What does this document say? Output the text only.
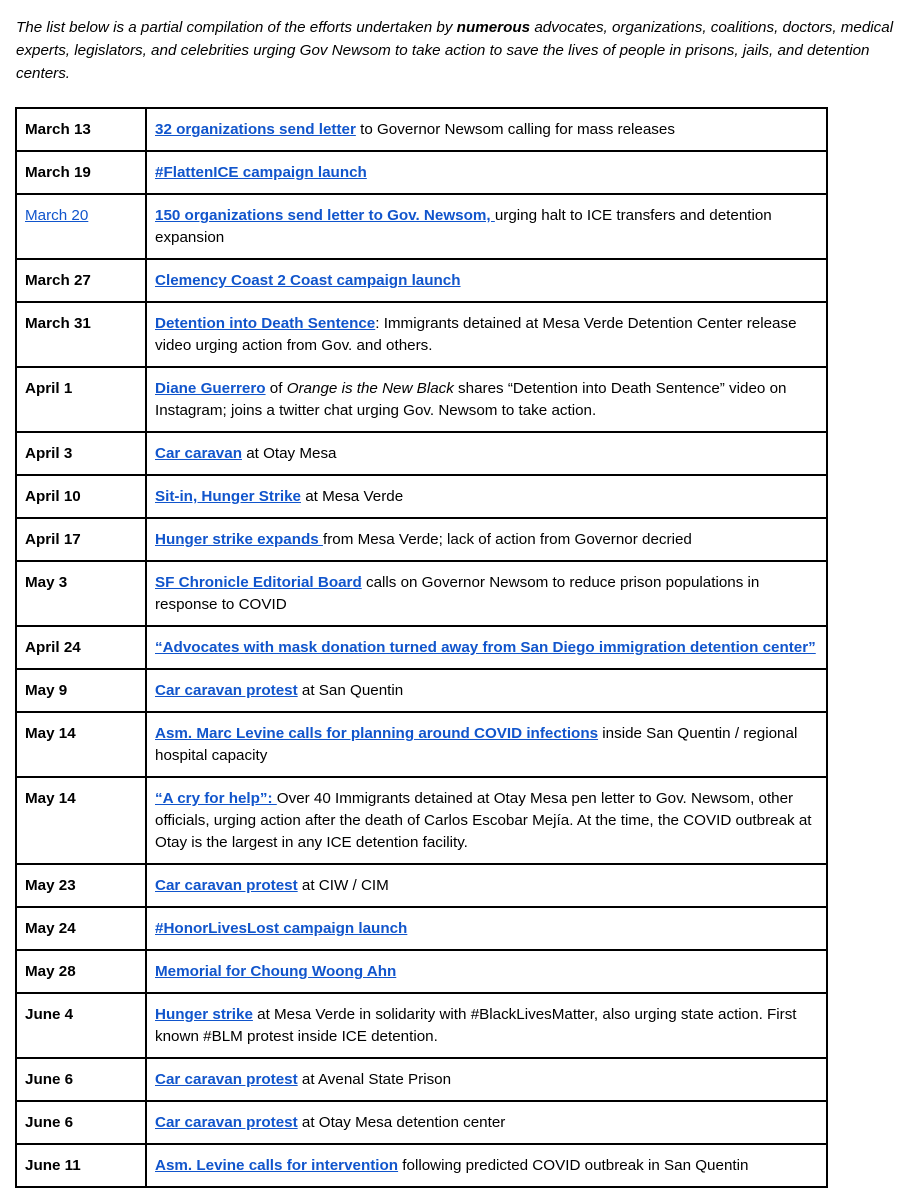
The list below is a partial compilation of the efforts undertaken by numerous advocates, organizations, coalitions, doctors, medical experts, legislators, and celebrities urging Gov Newsom to take action to save the lives of people in prisons, jails, and detention centers.

March 13	32 organizations send letter to Governor Newsom calling for mass releases
March 19	#FlattenICE campaign launch
March 20	150 organizations send letter to Gov. Newsom, urging halt to ICE transfers and detention expansion
March 27	Clemency Coast 2 Coast campaign launch
March 31	Detention into Death Sentence: Immigrants detained at Mesa Verde Detention Center release video urging action from Gov. and others.
April 1	Diane Guerrero of Orange is the New Black shares “Detention into Death Sentence” video on Instagram; joins a twitter chat urging Gov. Newsom to take action.
April 3	Car caravan at Otay Mesa
April 10	Sit-in, Hunger Strike at Mesa Verde
April 17	Hunger strike expands from Mesa Verde; lack of action from Governor decried
May 3	SF Chronicle Editorial Board calls on Governor Newsom to reduce prison populations in response to COVID
April 24	“Advocates with mask donation turned away from San Diego immigration detention center”
May 9	Car caravan protest at San Quentin
May 14	Asm. Marc Levine calls for planning around COVID infections inside San Quentin / regional hospital capacity
May 14	“A cry for help”: Over 40 Immigrants detained at Otay Mesa pen letter to Gov. Newsom, other officials, urging action after the death of Carlos Escobar Mejía. At the time, the COVID outbreak at Otay is the largest in any ICE detention facility.
May 23	Car caravan protest at CIW / CIM
May 24	#HonorLivesLost campaign launch
May 28	Memorial for Choung Woong Ahn
June 4	Hunger strike at Mesa Verde in solidarity with #BlackLivesMatter, also urging state action. First known #BLM protest inside ICE detention.
June 6	Car caravan protest at Avenal State Prison
June 6	Car caravan protest at Otay Mesa detention center
June 11	Asm. Levine calls for intervention following predicted COVID outbreak in San Quentin
